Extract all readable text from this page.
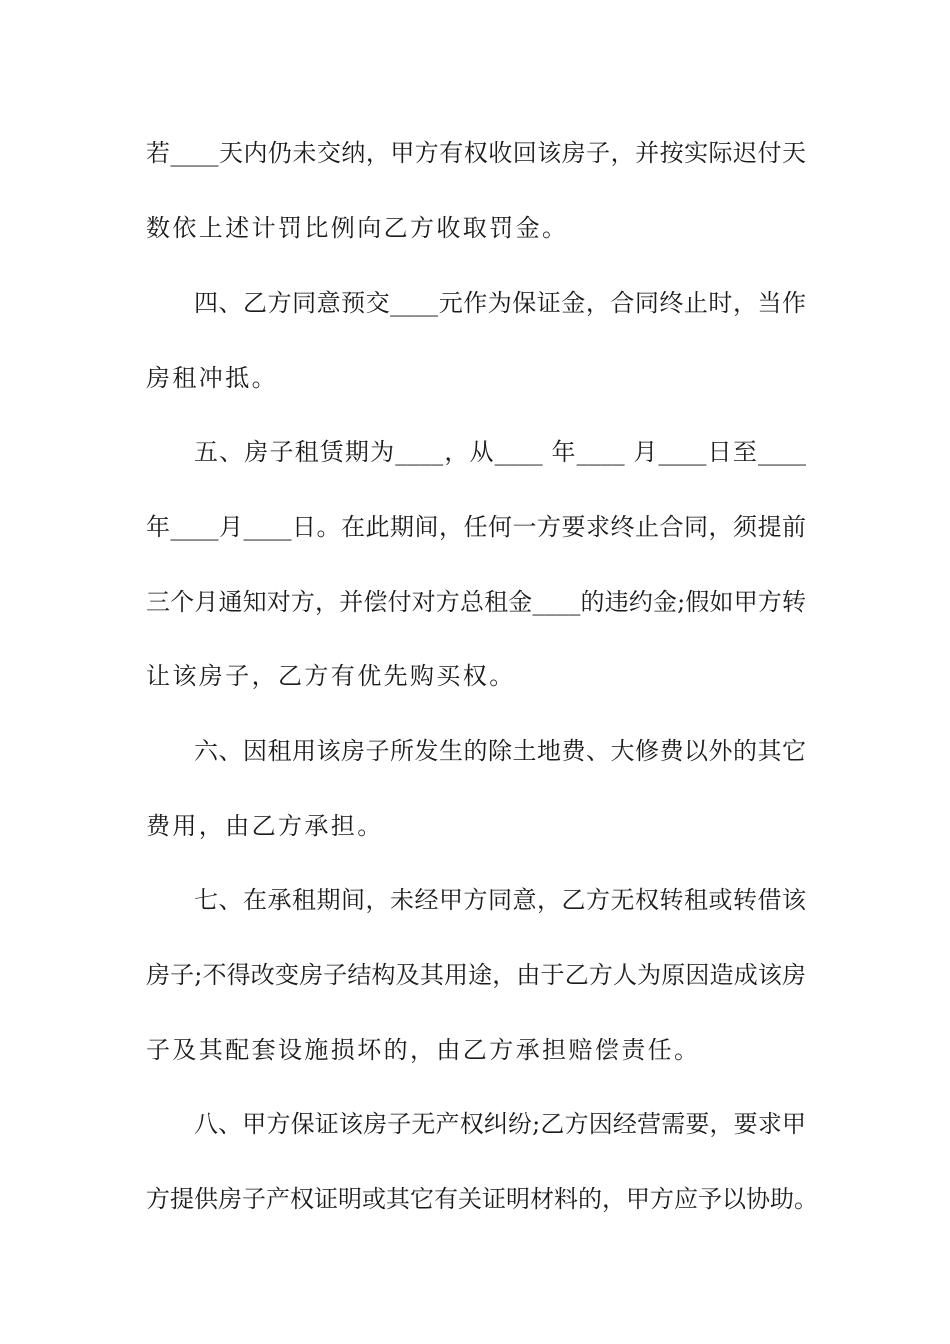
若____天内仍未交纳，甲方有权收回该房子，并按实际迟付天
数依上述计罚比例向乙方收取罚金。
四、乙方同意预交____元作为保证金，合同终止时，当作
房租冲抵。
五、房子租赁期为____，从____ 年____ 月____日至____
年____月____日。在此期间，任何一方要求终止合同，须提前
三个月通知对方，并偿付对方总租金____的违约金;假如甲方转
让该房子，乙方有优先购买权。
六、因租用该房子所发生的除土地费、大修费以外的其它
费用，由乙方承担。
七、在承租期间，未经甲方同意，乙方无权转租或转借该
房子;不得改变房子结构及其用途，由于乙方人为原因造成该房
子及其配套设施损坏的，由乙方承担赔偿责任。
八、甲方保证该房子无产权纠纷;乙方因经营需要，要求甲
方提供房子产权证明或其它有关证明材料的，甲方应予以协助。
